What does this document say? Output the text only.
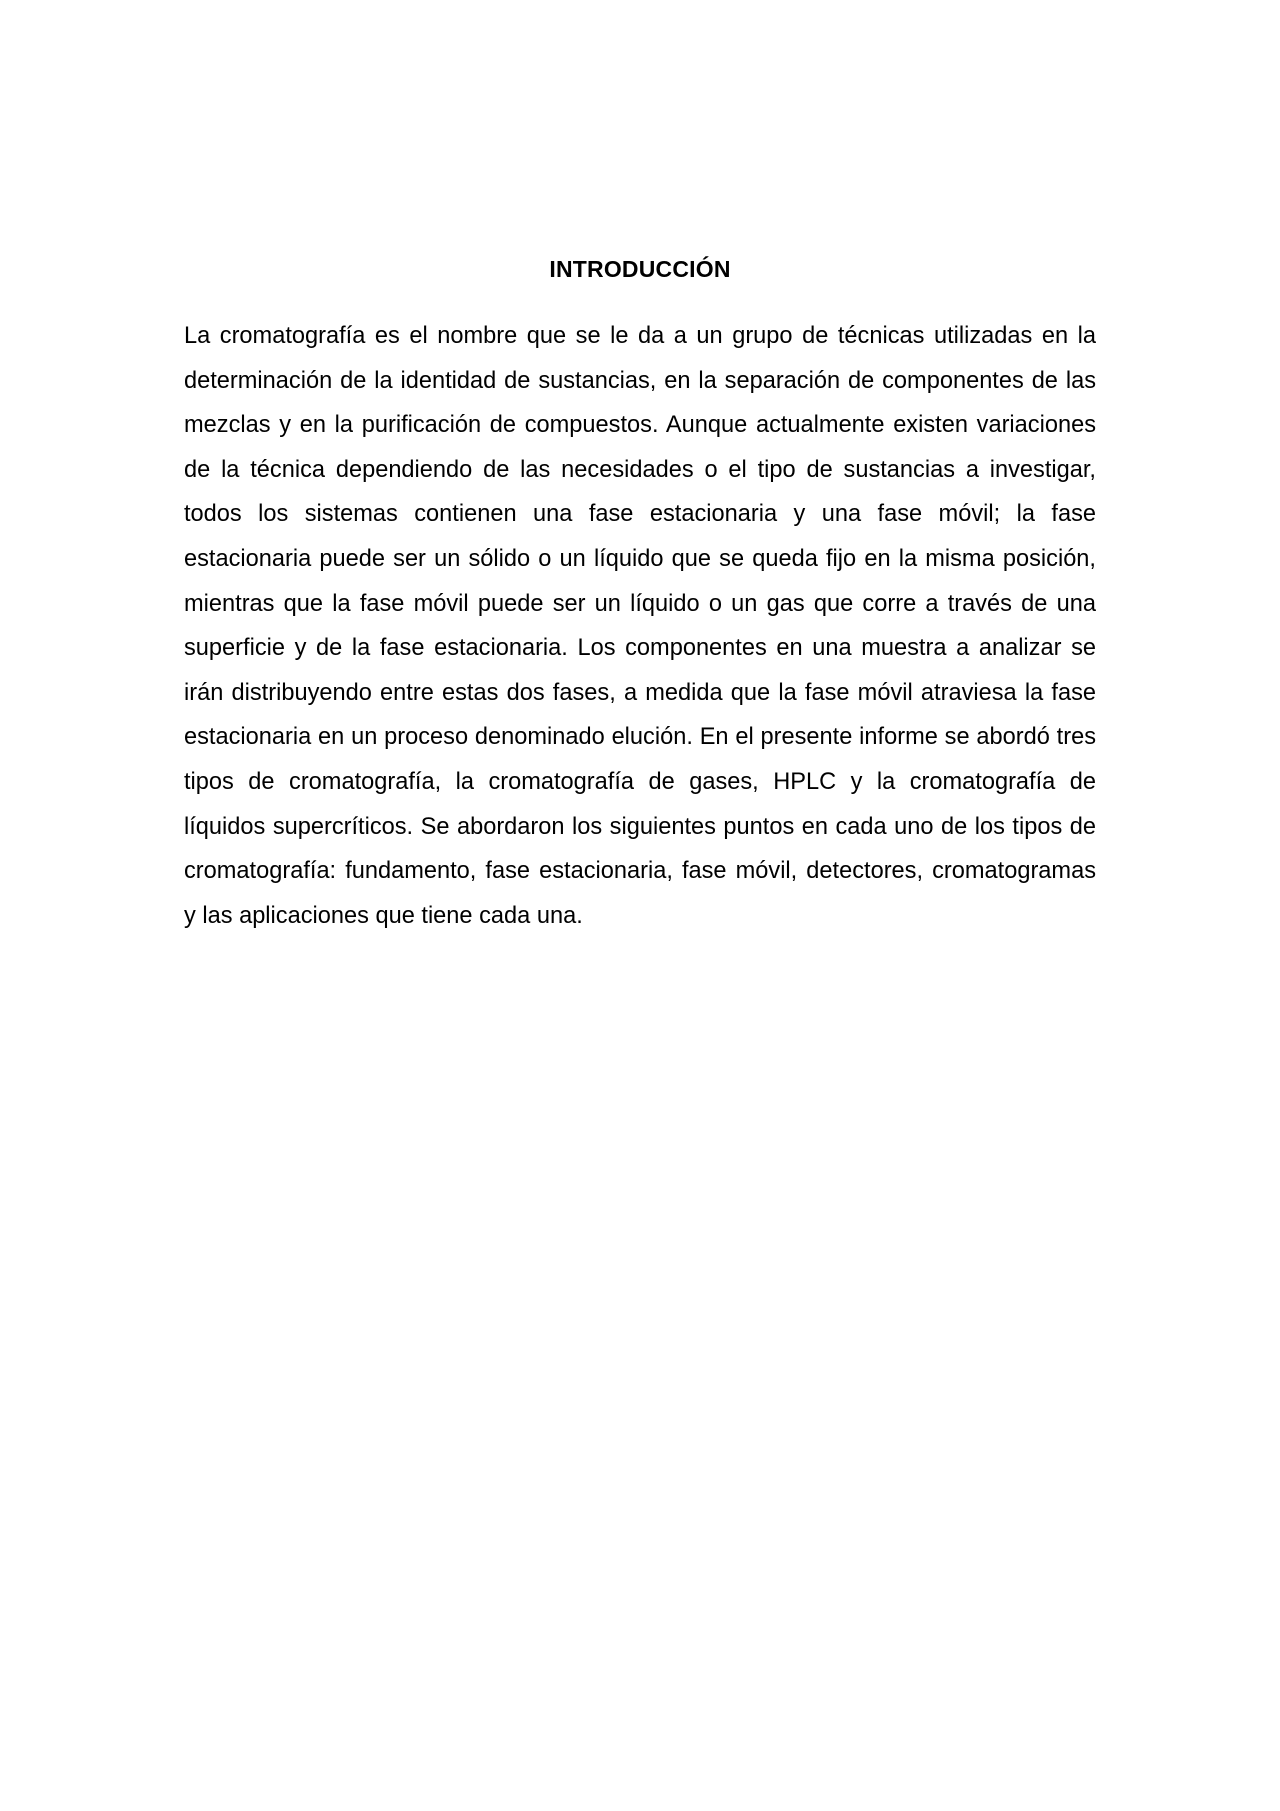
INTRODUCCIÓN

La cromatografía es el nombre que se le da a un grupo de técnicas utilizadas en la determinación de la identidad de sustancias, en la separación de componentes de las mezclas y en la purificación de compuestos. Aunque actualmente existen variaciones de la técnica dependiendo de las necesidades o el tipo de sustancias a investigar, todos los sistemas contienen una fase estacionaria y una fase móvil; la fase estacionaria puede ser un sólido o un líquido que se queda fijo en la misma posición, mientras que la fase móvil puede ser un líquido o un gas que corre a través de una superficie y de la fase estacionaria. Los componentes en una muestra a analizar se irán distribuyendo entre estas dos fases, a medida que la fase móvil atraviesa la fase estacionaria en un proceso denominado elución. En el presente informe se abordó tres tipos de cromatografía, la cromatografía de gases, HPLC y la cromatografía de líquidos supercríticos. Se abordaron los siguientes puntos en cada uno de los tipos de cromatografía: fundamento, fase estacionaria, fase móvil, detectores, cromatogramas y las aplicaciones que tiene cada una.
